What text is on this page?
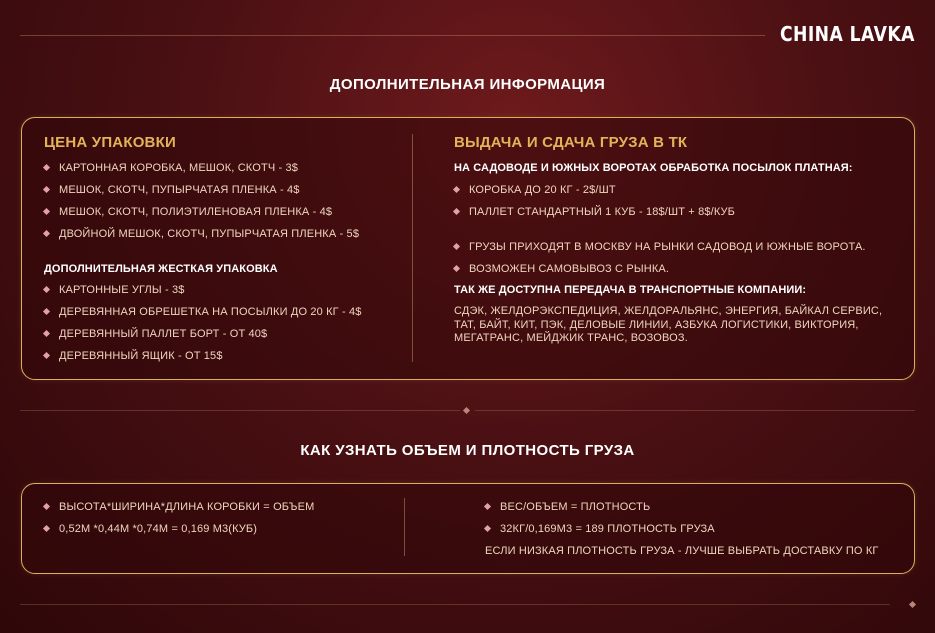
CHINA LAVKA
ДОПОЛНИТЕЛЬНАЯ ИНФОРМАЦИЯ
ЦЕНА УПАКОВКИ
КАРТОННАЯ КОРОБКА, МЕШОК, СКОТЧ - 3$
МЕШОК, СКОТЧ, ПУПЫРЧАТАЯ ПЛЕНКА - 4$
МЕШОК, СКОТЧ, ПОЛИЭТИЛЕНОВАЯ ПЛЕНКА - 4$
ДВОЙНОЙ МЕШОК, СКОТЧ, ПУПЫРЧАТАЯ ПЛЕНКА - 5$
ДОПОЛНИТЕЛЬНАЯ ЖЕСТКАЯ УПАКОВКА
КАРТОННЫЕ УГЛЫ - 3$
ДЕРЕВЯННАЯ ОБРЕШЕТКА НА ПОСЫЛКИ ДО 20 КГ - 4$
ДЕРЕВЯННЫЙ ПАЛЛЕТ БОРТ - ОТ 40$
ДЕРЕВЯННЫЙ ЯЩИК - ОТ 15$
ВЫДАЧА И СДАЧА ГРУЗА В ТК
НА САДОВОДЕ И ЮЖНЫХ ВОРОТАХ ОБРАБОТКА ПОСЫЛОК ПЛАТНАЯ:
КОРОБКА ДО 20 КГ - 2$/ШТ
ПАЛЛЕТ СТАНДАРТНЫЙ 1 КУБ - 18$/ШТ + 8$/КУБ
ГРУЗЫ ПРИХОДЯТ В МОСКВУ НА РЫНКИ САДОВОД И ЮЖНЫЕ ВОРОТА.
ВОЗМОЖЕН САМОВЫВОЗ С РЫНКА.
ТАК ЖЕ ДОСТУПНА ПЕРЕДАЧА В ТРАНСПОРТНЫЕ КОМПАНИИ:
СДЭК, ЖЕЛДОРЭКСПЕДИЦИЯ, ЖЕЛДОРАЛЬЯНС, ЭНЕРГИЯ, БАЙКАЛ СЕРВИС, ТАТ, БАЙТ, КИТ, ПЭК, ДЕЛОВЫЕ ЛИНИИ, АЗБУКА ЛОГИСТИКИ, ВИКТОРИЯ, МЕГАТРАНС, МЕЙДЖИК ТРАНС, ВОЗОВОЗ.
КАК УЗНАТЬ ОБЪЕМ И ПЛОТНОСТЬ ГРУЗА
ВЫСОТА*ШИРИНА*ДЛИНА КОРОБКИ = ОБЪЕМ
0,52М *0,44М *0,74М = 0,169 М3(КУБ)
ВЕС/ОБЪЕМ = ПЛОТНОСТЬ
32КГ/0,169М3 = 189 ПЛОТНОСТЬ ГРУЗА
ЕСЛИ НИЗКАЯ ПЛОТНОСТЬ ГРУЗА - ЛУЧШЕ ВЫБРАТЬ ДОСТАВКУ ПО КГ
